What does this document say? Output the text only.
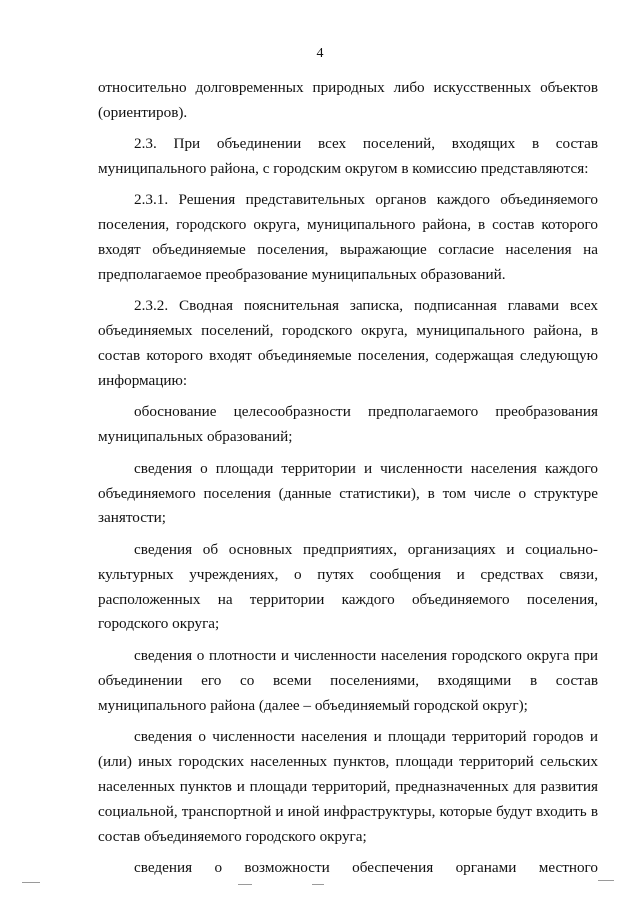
4

относительно долговременных природных либо искусственных объектов (ориентиров).

2.3. При объединении всех поселений, входящих в состав муниципального района, с городским округом в комиссию представляются:

2.3.1. Решения представительных органов каждого объединяемого поселения, городского округа, муниципального района, в состав которого входят объединяемые поселения, выражающие согласие населения на предполагаемое преобразование муниципальных образований.

2.3.2. Сводная пояснительная записка, подписанная главами всех объединяемых поселений, городского округа, муниципального района, в состав которого входят объединяемые поселения, содержащая следующую информацию:

обоснование целесообразности предполагаемого преобразования муниципальных образований;

сведения о площади территории и численности населения каждого объединяемого поселения (данные статистики), в том числе о структуре занятости;

сведения об основных предприятиях, организациях и социально-культурных учреждениях, о путях сообщения и средствах связи, расположенных на территории каждого объединяемого поселения, городского округа;

сведения о плотности и численности населения городского округа при объединении его со всеми поселениями, входящими в состав муниципального района (далее – объединяемый городской округ);

сведения о численности населения и площади территорий городов и (или) иных городских населенных пунктов, площади территорий сельских населенных пунктов и площади территорий, предназначенных для развития социальной, транспортной и иной инфраструктуры, которые будут входить в состав объединяемого городского округа;

сведения о возможности обеспечения органами местного
